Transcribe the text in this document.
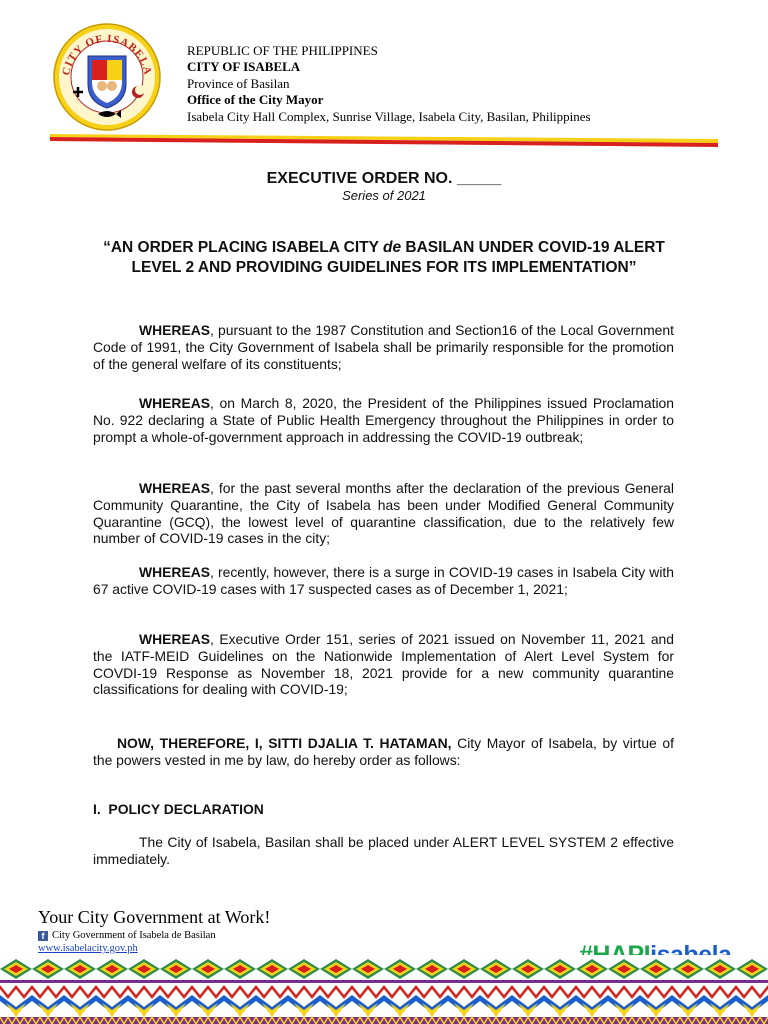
CITY OF ISABELA
REPUBLIC OF THE PHILIPPINES
CITY OF ISABELA
Province of Basilan
Office of the City Mayor
Isabela City Hall Complex, Sunrise Village, Isabela City, Basilan, Philippines
EXECUTIVE ORDER NO. _____
Series of 2021
“AN ORDER PLACING ISABELA CITY de BASILAN UNDER COVID-19 ALERT LEVEL 2 AND PROVIDING GUIDELINES FOR ITS IMPLEMENTATION”
WHEREAS, pursuant to the 1987 Constitution and Section16 of the Local Government Code of 1991, the City Government of Isabela shall be primarily responsible for the promotion of the general welfare of its constituents;
WHEREAS, on March 8, 2020, the President of the Philippines issued Proclamation No. 922 declaring a State of Public Health Emergency throughout the Philippines in order to prompt a whole-of-government approach in addressing the COVID-19 outbreak;
WHEREAS, for the past several months after the declaration of the previous General Community Quarantine, the City of Isabela has been under Modified General Community Quarantine (GCQ), the lowest level of quarantine classification, due to the relatively few number of COVID-19 cases in the city;
WHEREAS, recently, however, there is a surge in COVID-19 cases in Isabela City with 67 active COVID-19 cases with 17 suspected cases as of December 1, 2021;
WHEREAS, Executive Order 151, series of 2021 issued on November 11, 2021 and the IATF-MEID Guidelines on the Nationwide Implementation of Alert Level System for COVDI-19 Response as November 18, 2021 provide for a new community quarantine classifications for dealing with COVID-19;
NOW, THEREFORE, I, SITTI DJALIA T. HATAMAN, City Mayor of Isabela, by virtue of the powers vested in me by law, do hereby order as follows:
I.  POLICY DECLARATION
The City of Isabela, Basilan shall be placed under ALERT LEVEL SYSTEM 2 effective immediately.
Your City Government at Work!
f City Government of Isabela de Basilan
www.isabelacity.gov.ph
